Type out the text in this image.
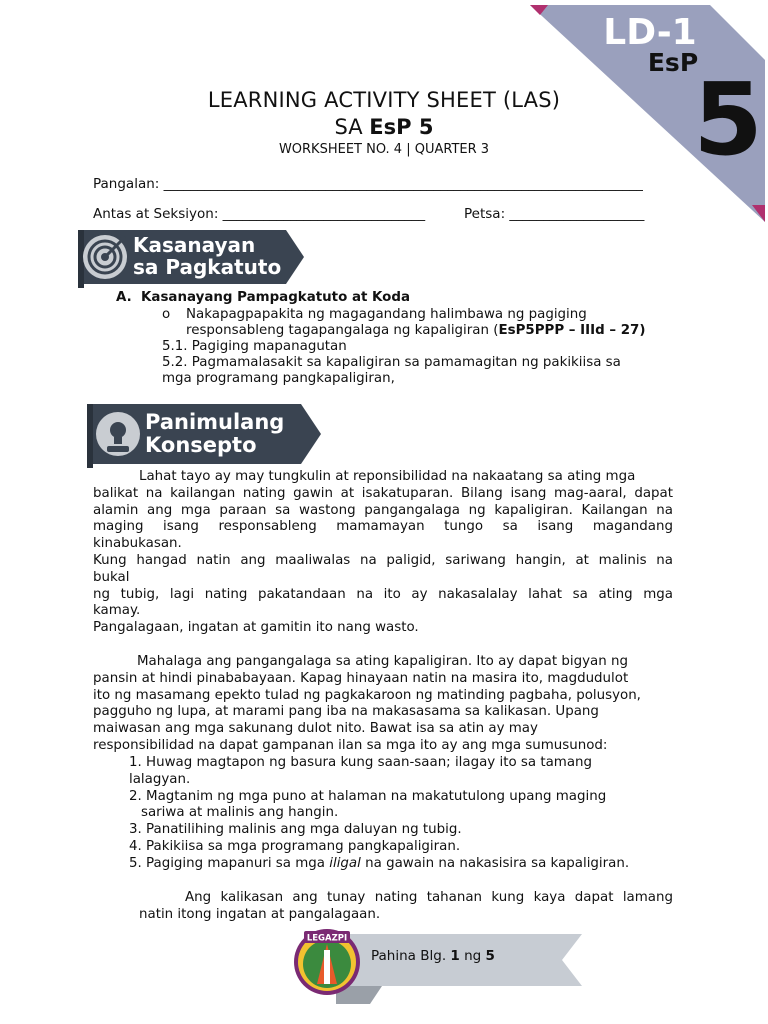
LD-1
EsP
5
LEARNING ACTIVITY SHEET (LAS)
SA EsP 5
WORKSHEET NO. 4 | QUARTER 3
Pangalan: _______________________________________________________________________
Antas at Seksiyon: ______________________________	Petsa: ____________________
Kasanayan
sa Pagkatuto
A. Kasanayang Pampagkatuto at Koda
o Nakapagpapakita ng magagandang halimbawa ng pagiging
responsableng tagapangalaga ng kapaligiran (EsP5PPP – IIId – 27)
5.1. Pagiging mapanagutan
5.2. Pagmamalasakit sa kapaligiran sa pamamagitan ng pakikiisa sa
mga programang pangkapaligiran,
Panimulang
Konsepto
Lahat tayo ay may tungkulin at reponsibilidad na nakaatang sa ating mga
balikat na kailangan nating gawin at isakatuparan. Bilang isang mag-aaral, dapat
alamin ang mga paraan sa wastong pangangalaga ng kapaligiran. Kailangan na
maging isang responsableng mamamayan tungo sa isang magandang
kinabukasan.
Kung hangad natin ang maaliwalas na paligid, sariwang hangin, at malinis na
bukal
ng tubig, lagi nating pakatandaan na ito ay nakasalalay lahat sa ating mga
kamay.
Pangalagaan, ingatan at gamitin ito nang wasto.
Mahalaga ang pangangalaga sa ating kapaligiran. Ito ay dapat bigyan ng
pansin at hindi pinababayaan. Kapag hinayaan natin na masira ito, magdudulot
ito ng masamang epekto tulad ng pagkakaroon ng matinding pagbaha, polusyon,
pagguho ng lupa, at marami pang iba na makasasama sa kalikasan. Upang
maiwasan ang mga sakunang dulot nito. Bawat isa sa atin ay may
responsibilidad na dapat gampanan ilan sa mga ito ay ang mga sumusunod:
1. Huwag magtapon ng basura kung saan-saan; ilagay ito sa tamang
lalagyan.
2. Magtanim ng mga puno at halaman na makatutulong upang maging
sariwa at malinis ang hangin.
3. Panatilihing malinis ang mga daluyan ng tubig.
4. Pakikiisa sa mga programang pangkapaligiran.
5. Pagiging mapanuri sa mga iligal na gawain na nakasisira sa kapaligiran.
Ang kalikasan ang tunay nating tahanan kung kaya dapat lamang
natin itong ingatan at pangalagaan.
LEGAZPI
Pahina Blg. 1 ng 5
